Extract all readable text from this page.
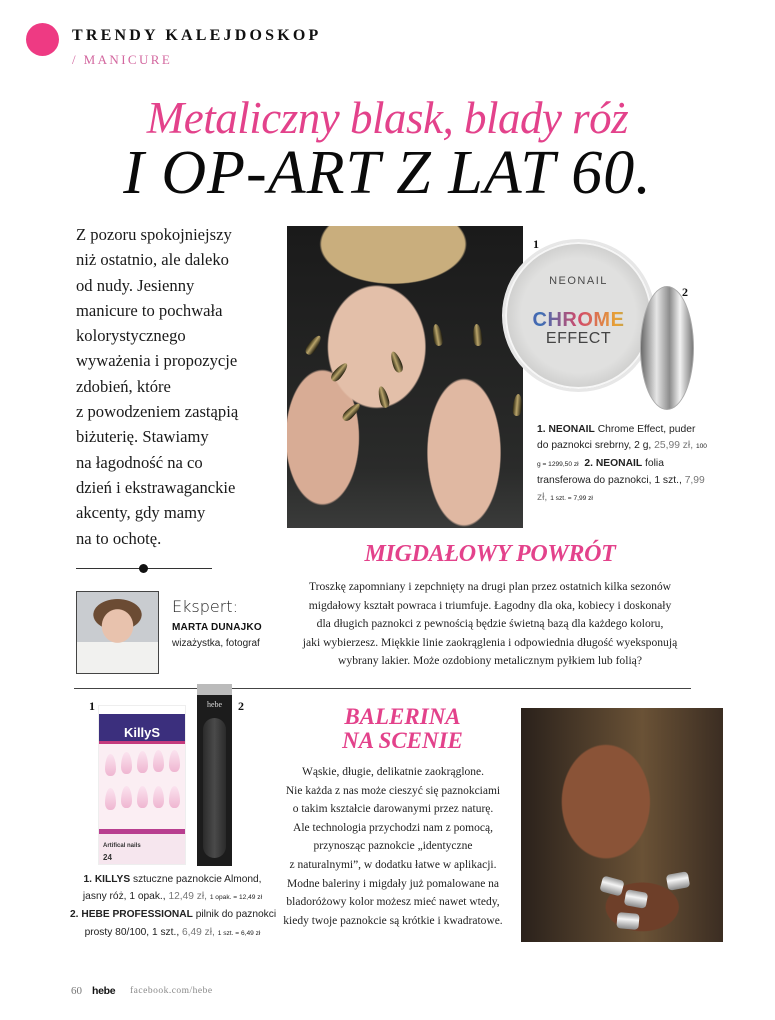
TRENDY KALEJDOSKOP
/ MANICURE
Metaliczny blask, blady róż
I OP-ART Z LAT 60.
Z pozoru spokojniejszy
niż ostatnio, ale daleko
od nudy. Jesienny
manicure to pochwała
kolorystycznego
wyważenia i propozycje
zdobień, które
z powodzeniem zastąpią
biżuterię. Stawiamy
na łagodność na co
dzień i ekstrawaganckie
akcenty, gdy mamy
na to ochotę.
Ekspert:
MARTA DUNAJKO
wizażystka, fotograf
1
2
NEONAIL
CHROME
EFFECT
1. NEONAIL Chrome Effect, puder do paznokci srebrny, 2 g, 25,99 zł, 100 g = 1299,50 zł 2. NEONAIL folia transferowa do paznokci, 1 szt., 7,99 zł, 1 szt. = 7,99 zł
MIGDAŁOWY POWRÓT
Troszkę zapomniany i zepchnięty na drugi plan przez ostatnich kilka sezonów
migdałowy kształt powraca i triumfuje. Łagodny dla oka, kobiecy i doskonały
dla długich paznokci z pewnością będzie świetną bazą dla każdego koloru,
jaki wybierzesz. Miękkie linie zaokrąglenia i odpowiednia długość wyeksponują
wybrany lakier. Może ozdobiony metalicznym pyłkiem lub folią?
1	2
KillyS
Artifical nails
24
hebe
1. KILLYS sztuczne paznokcie Almond,
jasny róż, 1 opak., 12,49 zł, 1 opak. = 12,49 zł
2. HEBE PROFESSIONAL pilnik do paznokci
prosty 80/100, 1 szt., 6,49 zł, 1 szt. = 6,49 zł
BALERINA
NA SCENIE
Wąskie, długie, delikatnie zaokrąglone.
Nie każda z nas może cieszyć się paznokciami
o takim kształcie darowanymi przez naturę.
Ale technologia przychodzi nam z pomocą,
przynosząc paznokcie „identyczne
z naturalnymi”, w dodatku łatwe w aplikacji.
Modne baleriny i migdały już pomalowane na
bladoróżowy kolor możesz mieć nawet wtedy,
kiedy twoje paznokcie są krótkie i kwadratowe.
60 hebe facebook.com/hebe
